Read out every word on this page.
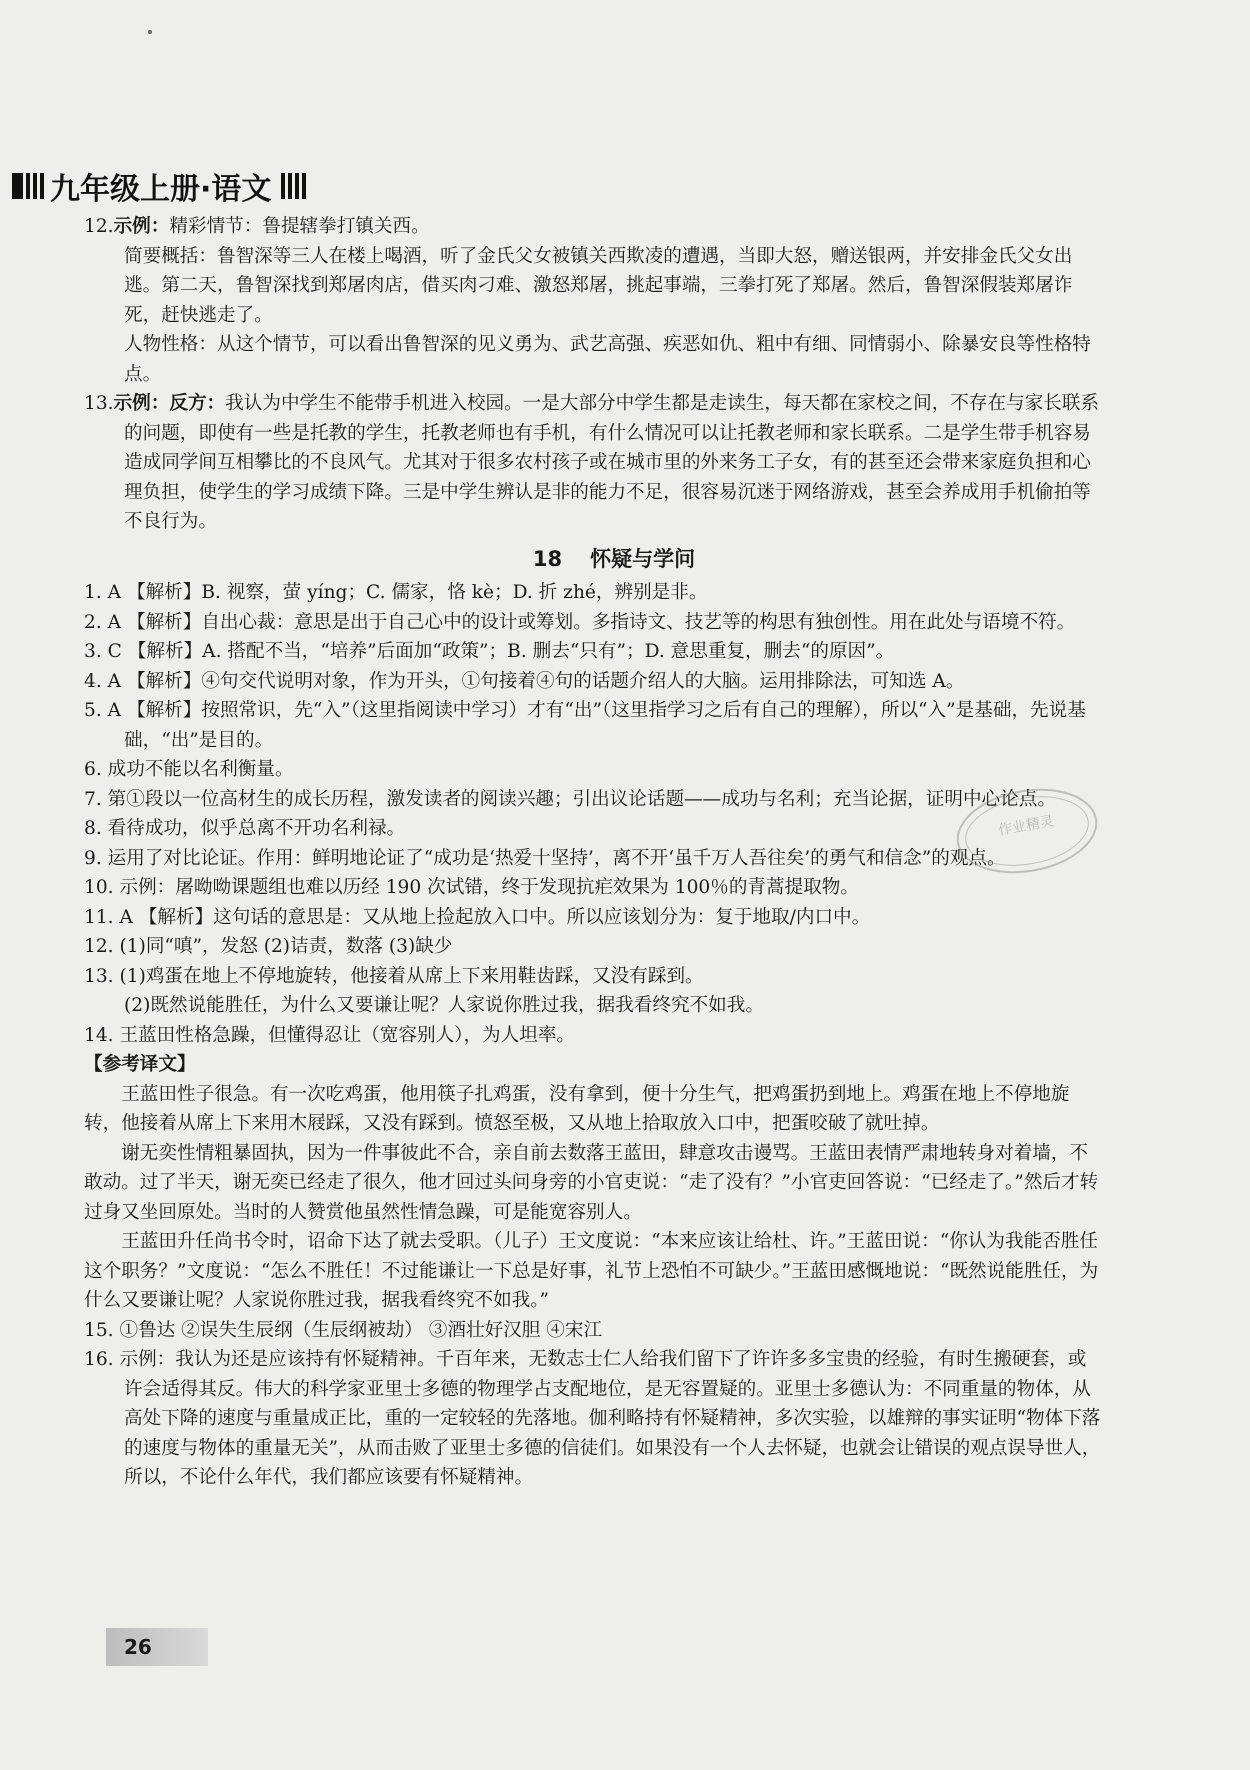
九年级上册·语文
12.示例：精彩情节：鲁提辖拳打镇关西。
简要概括：鲁智深等三人在楼上喝酒，听了金氏父女被镇关西欺凌的遭遇，当即大怒，赠送银两，并安排金氏父女出逃。第二天，鲁智深找到郑屠肉店，借买肉刁难、激怒郑屠，挑起事端，三拳打死了郑屠。然后，鲁智深假装郑屠诈死，赶快逃走了。
人物性格：从这个情节，可以看出鲁智深的见义勇为、武艺高强、疾恶如仇、粗中有细、同情弱小、除暴安良等性格特点。
13.示例：反方：我认为中学生不能带手机进入校园。一是大部分中学生都是走读生，每天都在家校之间，不存在与家长联系的问题，即使有一些是托教的学生，托教老师也有手机，有什么情况可以让托教老师和家长联系。二是学生带手机容易造成同学间互相攀比的不良风气。尤其对于很多农村孩子或在城市里的外来务工子女，有的甚至还会带来家庭负担和心理负担，使学生的学习成绩下降。三是中学生辨认是非的能力不足，很容易沉迷于网络游戏，甚至会养成用手机偷拍等不良行为。
18 怀疑与学问
1. A 【解析】B. 视察，萤 yíng；C. 儒家，恪 kè；D. 折 zhé，辨别是非。
2. A 【解析】自出心裁：意思是出于自己心中的设计或筹划。多指诗文、技艺等的构思有独创性。用在此处与语境不符。
3. C 【解析】A. 搭配不当，“培养”后面加“政策”；B. 删去“只有”；D. 意思重复，删去“的原因”。
4. A 【解析】④句交代说明对象，作为开头，①句接着④句的话题介绍人的大脑。运用排除法，可知选 A。
5. A 【解析】按照常识，先“入”（这里指阅读中学习）才有“出”（这里指学习之后有自己的理解），所以“入”是基础，先说基础，“出”是目的。
6. 成功不能以名利衡量。
7. 第①段以一位高材生的成长历程，激发读者的阅读兴趣；引出议论话题——成功与名利；充当论据，证明中心论点。
8. 看待成功，似乎总离不开功名利禄。
9. 运用了对比论证。作用：鲜明地论证了“成功是‘热爱十坚持’，离不开‘虽千万人吾往矣’的勇气和信念”的观点。
10. 示例：屠呦呦课题组也难以历经 190 次试错，终于发现抗疟效果为 100％的青蒿提取物。
11. A 【解析】这句话的意思是：又从地上捡起放入口中。所以应该划分为：复于地取/内口中。
12. (1)同“嗔”，发怒 (2)诘责，数落 (3)缺少
13. (1)鸡蛋在地上不停地旋转，他接着从席上下来用鞋齿踩，又没有踩到。
(2)既然说能胜任，为什么又要谦让呢？人家说你胜过我，据我看终究不如我。
14. 王蓝田性格急躁，但懂得忍让（宽容别人），为人坦率。
【参考译文】
王蓝田性子很急。有一次吃鸡蛋，他用筷子扎鸡蛋，没有拿到，便十分生气，把鸡蛋扔到地上。鸡蛋在地上不停地旋转，他接着从席上下来用木屐踩，又没有踩到。愤怒至极，又从地上拾取放入口中，把蛋咬破了就吐掉。
谢无奕性情粗暴固执，因为一件事彼此不合，亲自前去数落王蓝田，肆意攻击谩骂。王蓝田表情严肃地转身对着墙，不敢动。过了半天，谢无奕已经走了很久，他才回过头问身旁的小官吏说：“走了没有？”小官吏回答说：“已经走了。”然后才转过身又坐回原处。当时的人赞赏他虽然性情急躁，可是能宽容别人。
王蓝田升任尚书令时，诏命下达了就去受职。（儿子）王文度说：“本来应该让给杜、许。”王蓝田说：“你认为我能否胜任这个职务？”文度说：“怎么不胜任！不过能谦让一下总是好事，礼节上恐怕不可缺少。”王蓝田感慨地说：“既然说能胜任，为什么又要谦让呢？人家说你胜过我，据我看终究不如我。”
15. ①鲁达 ②误失生辰纲（生辰纲被劫） ③酒壮好汉胆 ④宋江
16. 示例：我认为还是应该持有怀疑精神。千百年来，无数志士仁人给我们留下了许许多多宝贵的经验，有时生搬硬套，或许会适得其反。伟大的科学家亚里士多德的物理学占支配地位，是无容置疑的。亚里士多德认为：不同重量的物体，从高处下降的速度与重量成正比，重的一定较轻的先落地。伽利略持有怀疑精神，多次实验，以雄辩的事实证明“物体下落的速度与物体的重量无关”，从而击败了亚里士多德的信徒们。如果没有一个人去怀疑，也就会让错误的观点误导世人，所以，不论什么年代，我们都应该要有怀疑精神。
作业精灵
26
